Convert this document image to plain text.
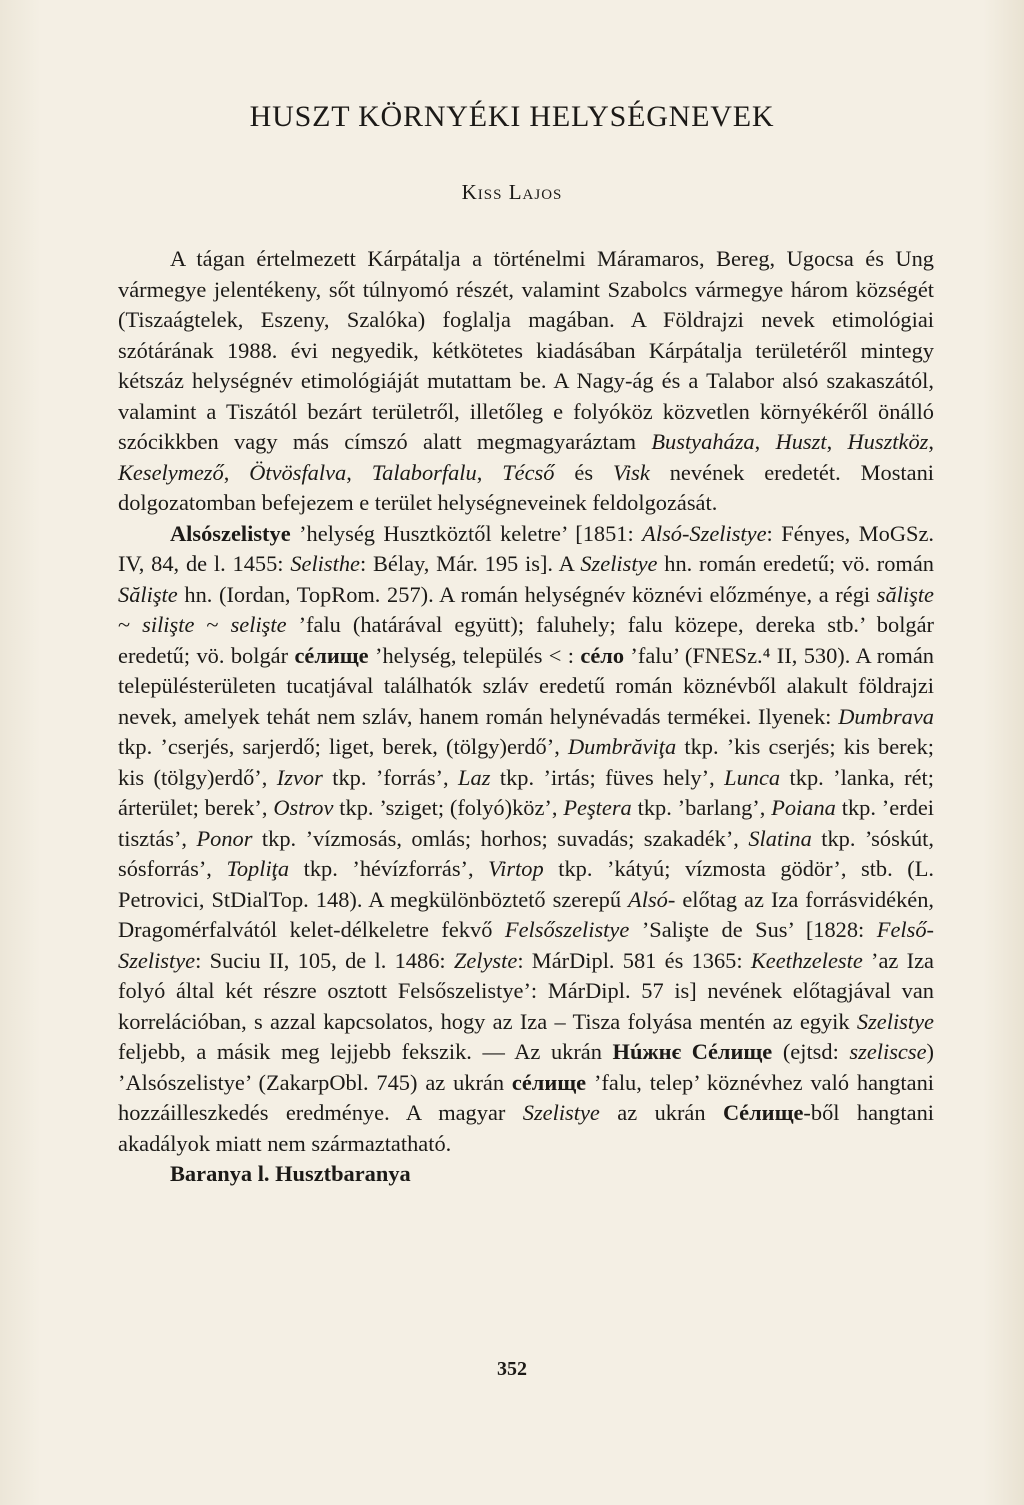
HUSZT KÖRNYÉKI HELYSÉGNEVEK
Kiss Lajos

A tágan értelmezett Kárpátalja a történelmi Máramaros, Bereg, Ugocsa és Ung vármegye jelentékeny, sőt túlnyomó részét, valamint Szabolcs vármegye három községét (Tiszaágtelek, Eszeny, Szalóka) foglalja magában. A Földrajzi nevek etimológiai szótárának 1988. évi negyedik, kétkötetes kiadásában Kárpátalja területéről mintegy kétszáz helységnév etimológiáját mutattam be. A Nagy-ág és a Talabor alsó szakaszától, valamint a Tiszától bezárt területről, illetőleg e folyóköz közvetlen környékéről önálló szócikkben vagy más címszó alatt megmagyaráztam Bustyaháza, Huszt, Husztköz, Keselymező, Ötvösfalva, Talaborfalu, Técső és Visk nevének eredetét. Mostani dolgozatomban befejezem e terület helységneveinek feldolgozását.

Alsószelistye ’helység Husztköztől keletre’ [1851: Alsó-Szelistye: Fényes, MoGSz. IV, 84, de l. 1455: Selisthe: Bélay, Már. 195 is]. A Szelistye hn. román eredetű; vö. román Sălişte hn. (Iordan, TopRom. 257). A román helységnév köznévi előzménye, a régi sălişte ~ silişte ~ selişte ’falu (határával együtt); faluhely; falu közepe, dereka stb.’ bolgár eredetű; vö. bolgár сéлище ’helység, település < : céло ’falu’ (FNESz.⁴ II, 530). A román településterületen tucatjával találhatók szláv eredetű román köznévből alakult földrajzi nevek, amelyek tehát nem szláv, hanem román helynévadás termékei. Ilyenek: Dumbrava tkp. ’cserjés, sarjerdő; liget, berek, (tölgy)erdő’, Dumbrăviţa tkp. ’kis cserjés; kis berek; kis (tölgy)erdő’, Izvor tkp. ’forrás’, Laz tkp. ’irtás; füves hely’, Lunca tkp. ’lanka, rét; árterület; berek’, Ostrov tkp. ’sziget; (folyó)köz’, Peştera tkp. ’barlang’, Poiana tkp. ’erdei tisztás’, Ponor tkp. ’vízmosás, omlás; horhos; suvadás; szakadék’, Slatina tkp. ’sóskút, sósforrás’, Topliţa tkp. ’hévízforrás’, Virtop tkp. ’kátyú; vízmosta gödör’, stb. (L. Petrovici, StDialTop. 148). A megkülönböztető szerepű Alsó- előtag az Iza forrásvidékén, Dragomérfalvától kelet-délkeletre fekvő Felsőszelistye ’Salişte de Sus’ [1828: Felső-Szelistye: Suciu II, 105, de l. 1486: Zelyste: MárDipl. 581 és 1365: Keethzeleste ’az Iza folyó által két részre osztott Felsőszelistye’: MárDipl. 57 is] nevének előtagjával van korrelációban, s azzal kapcsolatos, hogy az Iza – Tisza folyása mentén az egyik Szelistye feljebb, a másik meg lejjebb fekszik. — Az ukrán Нúжнє Сéлище (ejtsd: szeliscse) ’Alsószelistye’ (ZakarpObl. 745) az ukrán céлище ’falu, telep’ köznévhez való hangtani hozzáilleszkedés eredménye. A magyar Szelistye az ukrán Céлище-ből hangtani akadályok miatt nem származtatható.

Baranya l. Husztbaranya

352
